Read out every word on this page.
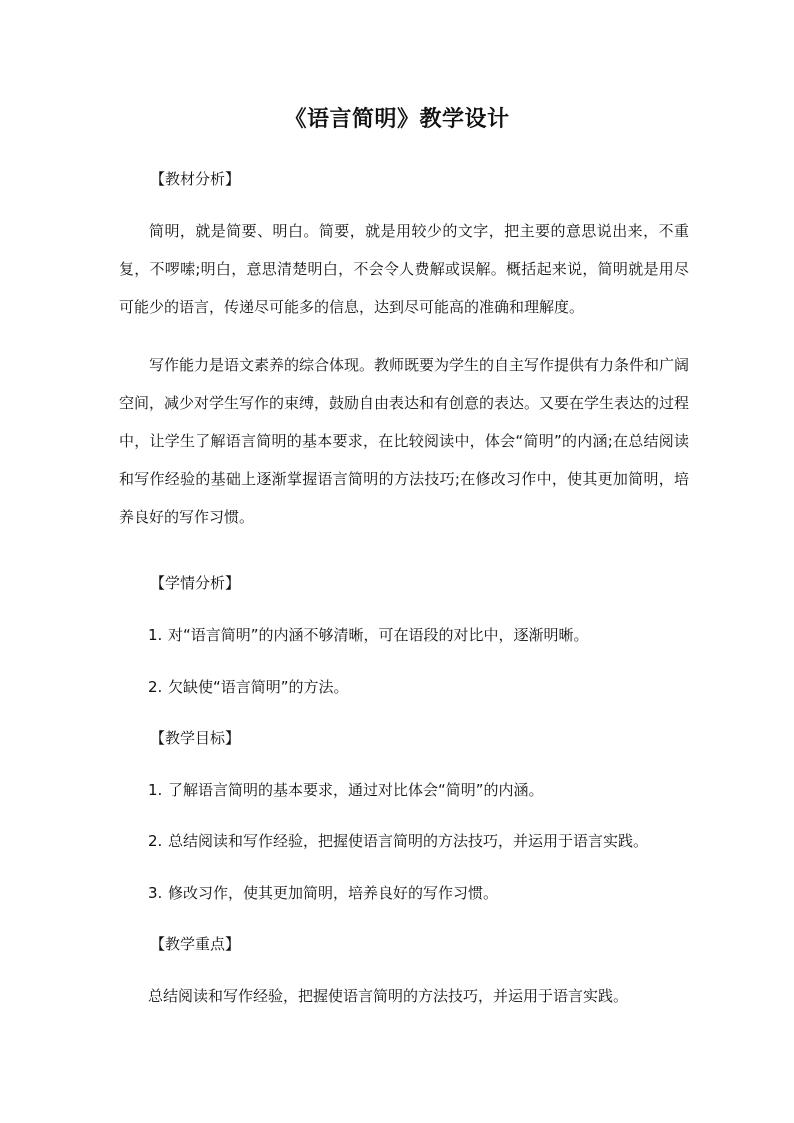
《语言简明》教学设计
【教材分析】

简明，就是简要、明白。简要，就是用较少的文字，把主要的意思说出来，不重复，不啰嗦;明白，意思清楚明白，不会令人费解或误解。概括起来说，简明就是用尽可能少的语言，传递尽可能多的信息，达到尽可能高的准确和理解度。

写作能力是语文素养的综合体现。教师既要为学生的自主写作提供有力条件和广阔空间，减少对学生写作的束缚，鼓励自由表达和有创意的表达。又要在学生表达的过程中，让学生了解语言简明的基本要求，在比较阅读中，体会“简明”的内涵;在总结阅读和写作经验的基础上逐渐掌握语言简明的方法技巧;在修改习作中，使其更加简明，培养良好的写作习惯。

【学情分析】
1. 对“语言简明”的内涵不够清晰，可在语段的对比中，逐渐明晰。
2. 欠缺使“语言简明”的方法。
【教学目标】
1. 了解语言简明的基本要求，通过对比体会“简明”的内涵。
2. 总结阅读和写作经验，把握使语言简明的方法技巧，并运用于语言实践。
3. 修改习作，使其更加简明，培养良好的写作习惯。
【教学重点】
总结阅读和写作经验，把握使语言简明的方法技巧，并运用于语言实践。
